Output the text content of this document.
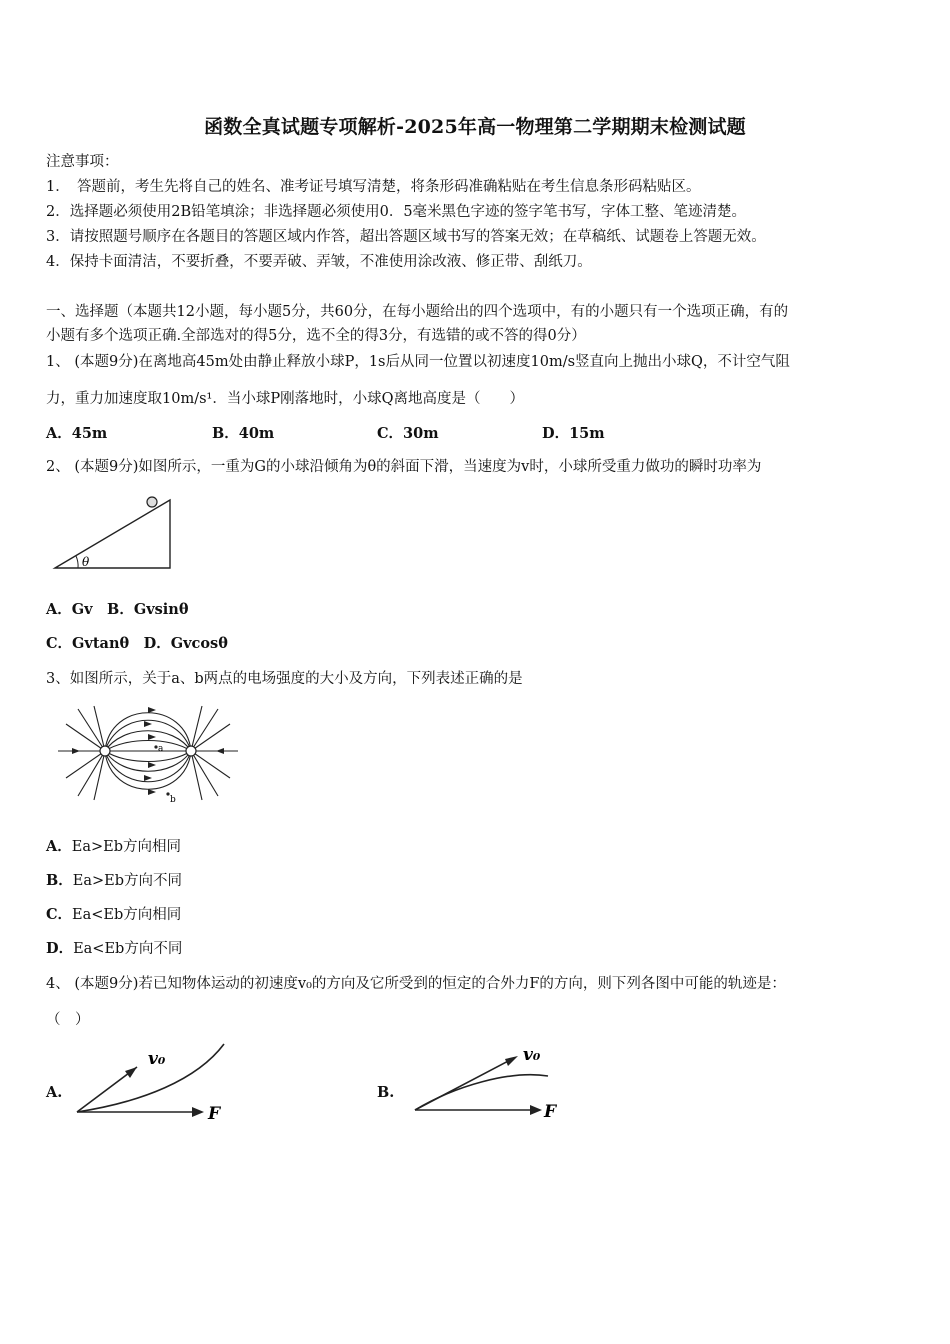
函数全真试题专项解析-2025年高一物理第二学期期末检测试题
注意事项：
1．　答题前，考生先将自己的姓名、准考证号填写清楚，将条形码准确粘贴在考生信息条形码粘贴区。
2．选择题必须使用2B铅笔填涂；非选择题必须使用0．5毫米黑色字迹的签字笔书写，字体工整、笔迹清楚。
3．请按照题号顺序在各题目的答题区域内作答，超出答题区域书写的答案无效；在草稿纸、试题卷上答题无效。
4．保持卡面清洁，不要折叠，不要弄破、弄皱，不准使用涂改液、修正带、刮纸刀。
一、选择题（本题共12小题，每小题5分，共60分，在每小题给出的四个选项中，有的小题只有一个选项正确，有的
小题有多个选项正确.全部选对的得5分，选不全的得3分，有选错的或不答的得0分）
1、 (本题9分)在离地高45m处由静止释放小球P，1s后从同一位置以初速度10m/s竖直向上抛出小球Q，不计空气阻
力，重力加速度取10m/s¹．当小球P刚落地时，小球Q离地高度是（　　）
A．45m	B．40m	C．30m	D．15m
2、 (本题9分)如图所示，一重为G的小球沿倾角为θ的斜面下滑，当速度为v时，小球所受重力做功的瞬时功率为
θ
A．Gv　B．Gvsinθ
C．Gvtanθ　D．Gvcosθ
3、如图所示，关于a、b两点的电场强度的大小及方向，下列表述正确的是
a
b
A．Ea>Eb方向相同
B．Ea>Eb方向不同
C．Ea<Eb方向相同
D．Ea<Eb方向不同
4、 (本题9分)若已知物体运动的初速度v₀的方向及它所受到的恒定的合外力F的方向，则下列各图中可能的轨迹是：
（　）
A.
v₀
F
B.
v₀
F
